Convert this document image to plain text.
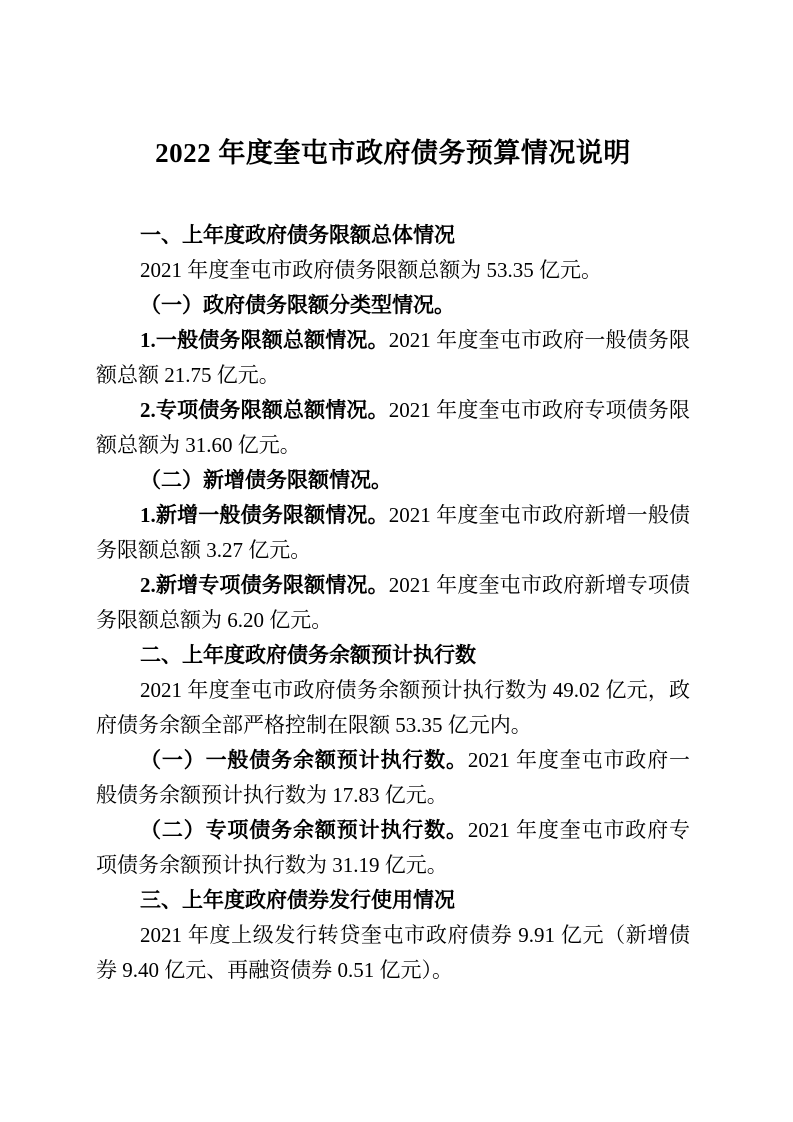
2022 年度奎屯市政府债务预算情况说明

一、上年度政府债务限额总体情况

2021 年度奎屯市政府债务限额总额为 53.35 亿元。

（一）政府债务限额分类型情况。

1.一般债务限额总额情况。2021 年度奎屯市政府一般债务限额总额 21.75 亿元。

2.专项债务限额总额情况。2021 年度奎屯市政府专项债务限额总额为 31.60 亿元。

（二）新增债务限额情况。

1.新增一般债务限额情况。2021 年度奎屯市政府新增一般债务限额总额 3.27 亿元。

2.新增专项债务限额情况。2021 年度奎屯市政府新增专项债务限额总额为 6.20 亿元。

二、上年度政府债务余额预计执行数

2021 年度奎屯市政府债务余额预计执行数为 49.02 亿元，政府债务余额全部严格控制在限额 53.35 亿元内。

（一）一般债务余额预计执行数。2021 年度奎屯市政府一般债务余额预计执行数为 17.83 亿元。

（二）专项债务余额预计执行数。2021 年度奎屯市政府专项债务余额预计执行数为 31.19 亿元。

三、上年度政府债券发行使用情况

2021 年度上级发行转贷奎屯市政府债券 9.91 亿元（新增债券 9.40 亿元、再融资债券 0.51 亿元）。
